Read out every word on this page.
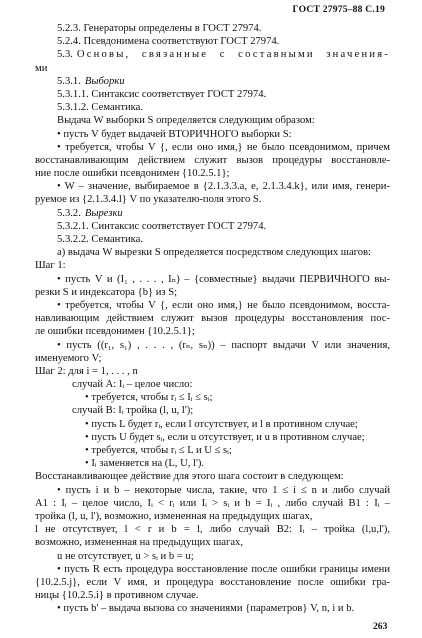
ГОСТ 27975–88 С.19
5.2.3. Генераторы определены в ГОСТ 27974.
5.2.4. Псевдонимена соответствуют ГОСТ 27974.
5.3. Основы, связанные с составными значения-
ми
5.3.1. Выборки
5.3.1.1. Синтаксис соответствует ГОСТ 27974.
5.3.1.2. Семантика.
Выдача W выборки S определяется следующим образом:
• пусть V будет выдачей ВТОРИЧНОГО выборки S:
• требуется, чтобы V {, если оно имя,} не было псевдонимом, причем
восстанавливающим действием служит вызов процедуры восстановле-
ние после ошибки псевдонимен {10.2.5.1};
• W – значение, выбираемое в {2.1.3.3.a, e, 2.1.3.4.k}, или имя, генери-
руемое из {2.1.3.4.l} V по указателю-поля этого S.
5.3.2. Вырезки
5.3.2.1. Синтаксис соответствует ГОСТ 27974.
5.3.2.2. Семантика.
а) выдача W вырезки S определяется посредством следующих шагов:
Шаг 1:
• пусть V и (I₁ , . . . , Iₙ) – {совместные} выдачи ПЕРВИЧНОГО вы-
резки S и индексатора {b} из S;
• требуется, чтобы V {, если оно имя,} не было псевдонимом, восста-
навливающим действием служит вызов процедуры восстановления пос-
ле ошибки псевдонимен {10.2.5.1};
• пусть ((r₁, s₁) , . . . , (rₙ, sₙ)) – паспорт выдачи V или значения,
именуемого V;
Шаг 2: для i = 1, . . . , n
случай A: Iᵢ – целое число:
• требуется, чтобы rᵢ ≤ Iᵢ ≤ sᵢ;
случай B: Iᵢ тройка (l, u, l');
• пусть L будет rᵢ, если l отсутствует, и l в противном случае;
• пусть U будет sᵢ, если u отсутствует, и u в противном случае;
• требуется, чтобы rᵢ ≤ L и U ≤ sᵢ;
• Iᵢ заменяется на (L, U, l').
Восстанавливающее действие для этого шага состоит в следующем:
• пусть i и b – некоторые числа, такие, что 1 ≤ i ≤ n и либо случай
A1 : Iᵢ – целое число, Iᵢ < rᵢ или Iᵢ > sᵢ и b = Iᵢ , либо случай B1 : Iᵢ –
тройка (l, u, l'), возможно, измененная на предыдущих шагах,
l не отсутствует, l < r и b = l, либо случай B2: Iᵢ – тройка (l,u,l'),
возможно, измененная на предыдущих шагах,
u не отсутствует, u > sᵢ и b = u;
• пусть R есть процедура восстановление после ошибки границы имени
{10.2.5.j}, если V имя, и процедура восстановление после ошибки гра-
ницы {10.2.5.i} в противном случае.
• пусть b' – выдача вызова со значениями {параметров} V, n, i и b.
263
